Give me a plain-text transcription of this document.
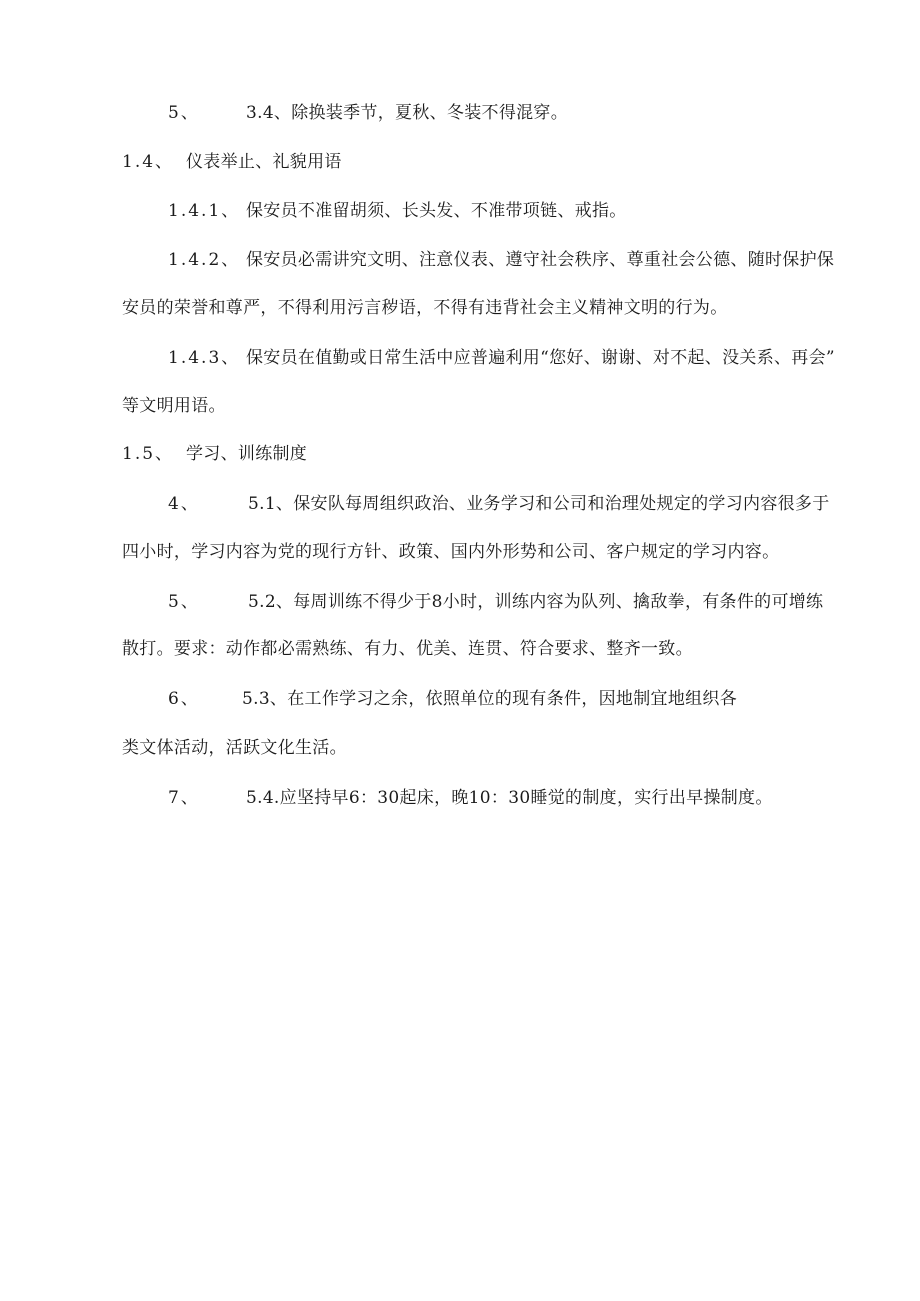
5、	3.4、除换装季节，夏秋、冬装不得混穿。
1.4、 仪表举止、礼貌用语
1.4.1、 保安员不准留胡须、长头发、不准带项链、戒指。
1.4.2、 保安员必需讲究文明、注意仪表、遵守社会秩序、尊重社会公德、随时保护保
安员的荣誉和尊严，不得利用污言秽语，不得有违背社会主义精神文明的行为。
1.4.3、 保安员在值勤或日常生活中应普遍利用“您好、谢谢、对不起、没关系、再会”
等文明用语。
1.5、 学习、训练制度
4、	5.1、保安队每周组织政治、业务学习和公司和治理处规定的学习内容很多于
四小时，学习内容为党的现行方针、政策、国内外形势和公司、客户规定的学习内容。
5、	5.2、每周训练不得少于8小时，训练内容为队列、擒敌拳，有条件的可增练
散打。要求：动作都必需熟练、有力、优美、连贯、符合要求、整齐一致。
6、 5.3、在工作学习之余，依照单位的现有条件，因地制宜地组织各
类文体活动，活跃文化生活。
7、	5.4.应坚持早6：30起床，晚10：30睡觉的制度，实行出早操制度。
